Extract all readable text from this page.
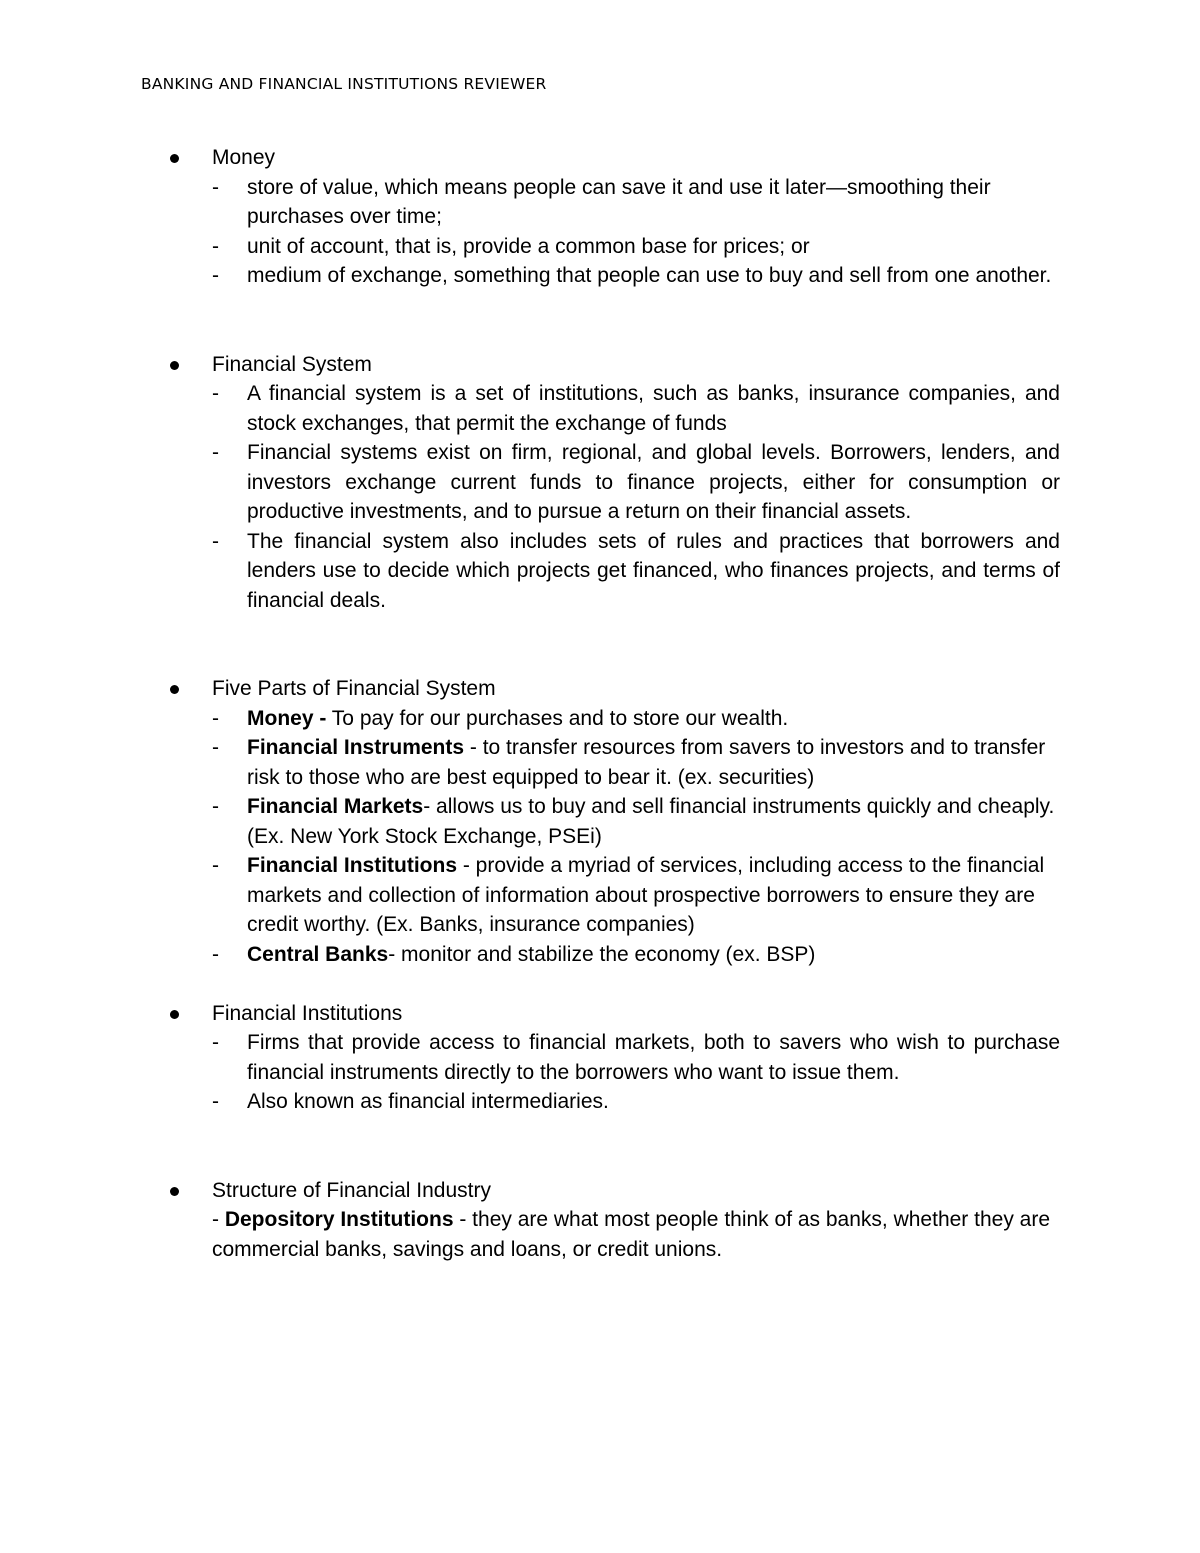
BANKING AND FINANCIAL INSTITUTIONS REVIEWER
Money
- store of value, which means people can save it and use it later—smoothing their purchases over time;
- unit of account, that is, provide a common base for prices; or
- medium of exchange, something that people can use to buy and sell from one another.
Financial System
- A financial system is a set of institutions, such as banks, insurance companies, and stock exchanges, that permit the exchange of funds
- Financial systems exist on firm, regional, and global levels. Borrowers, lenders, and investors exchange current funds to finance projects, either for consumption or productive investments, and to pursue a return on their financial assets.
- The financial system also includes sets of rules and practices that borrowers and lenders use to decide which projects get financed, who finances projects, and terms of financial deals.
Five Parts of Financial System
- Money - To pay for our purchases and to store our wealth.
- Financial Instruments - to transfer resources from savers to investors and to transfer risk to those who are best equipped to bear it. (ex. securities)
- Financial Markets- allows us to buy and sell financial instruments quickly and cheaply. (Ex. New York Stock Exchange, PSEi)
- Financial Institutions - provide a myriad of services, including access to the financial markets and collection of information about prospective borrowers to ensure they are credit worthy. (Ex. Banks, insurance companies)
- Central Banks- monitor and stabilize the economy (ex. BSP)
Financial Institutions
- Firms that provide access to financial markets, both to savers who wish to purchase financial instruments directly to the borrowers who want to issue them.
- Also known as financial intermediaries.
Structure of Financial Industry
- Depository Institutions - they are what most people think of as banks, whether they are commercial banks, savings and loans, or credit unions.
